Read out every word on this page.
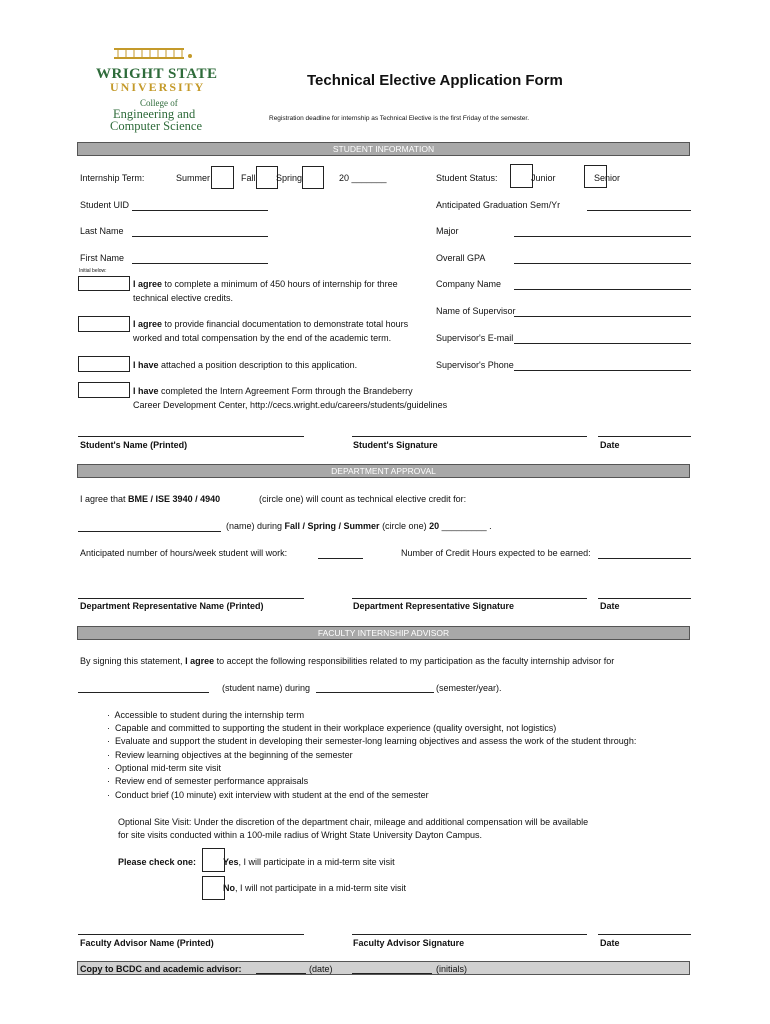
WRIGHT STATE
UNIVERSITY
College of
Engineering and
Computer Science
Technical Elective Application Form
Registration deadline for internship as Technical Elective is the first Friday of the semester.
STUDENT INFORMATION
Internship Term:	Summer	Fall Spring	20 _______	Student Status:	Junior	Senior
Student UID	Anticipated Graduation Sem/Yr
Last Name	Major
First Name	Overall GPA
Initial below:
I agree to complete a minimum of 450 hours of internship for three
technical elective credits.
Company Name
Name of Supervisor
I agree to provide financial documentation to demonstrate total hours
worked and total compensation by the end of the academic term.	Supervisor's E-mail
I have attached a position description to this application.	Supervisor's Phone
I have completed the Intern Agreement Form through the Brandeberry
Career Development Center, http://cecs.wright.edu/careers/students/guidelines
Student's Name (Printed)	Student's Signature	Date
DEPARTMENT APPROVAL
I agree that BME / ISE 3940 / 4940	(circle one) will count as technical elective credit for:
(name) during Fall / Spring / Summer (circle one) 20 _________ .
Anticipated number of hours/week student will work:	Number of Credit Hours expected to be earned:
Department Representative Name (Printed)	Department Representative Signature	Date
FACULTY INTERNSHIP ADVISOR
By signing this statement, I agree to accept the following responsibilities related to my participation as the faculty internship advisor for
(student name) during	(semester/year).
·  Accessible to student during the internship term
·  Capable and committed to supporting the student in their workplace experience (quality oversight, not logistics)
·  Evaluate and support the student in developing their semester-long learning objectives and assess the work of the student through:
·  Review learning objectives at the beginning of the semester
·  Optional mid-term site visit
·  Review end of semester performance appraisals
·  Conduct brief (10 minute) exit interview with student at the end of the semester
Optional Site Visit: Under the discretion of the department chair, mileage and additional compensation will be available
for site visits conducted within a 100-mile radius of Wright State University Dayton Campus.
Please check one:	Yes, I will participate in a mid-term site visit
No, I will not participate in a mid-term site visit
Faculty Advisor Name (Printed)	Faculty Advisor Signature	Date
Copy to BCDC and academic advisor:	(date)	(initials)
